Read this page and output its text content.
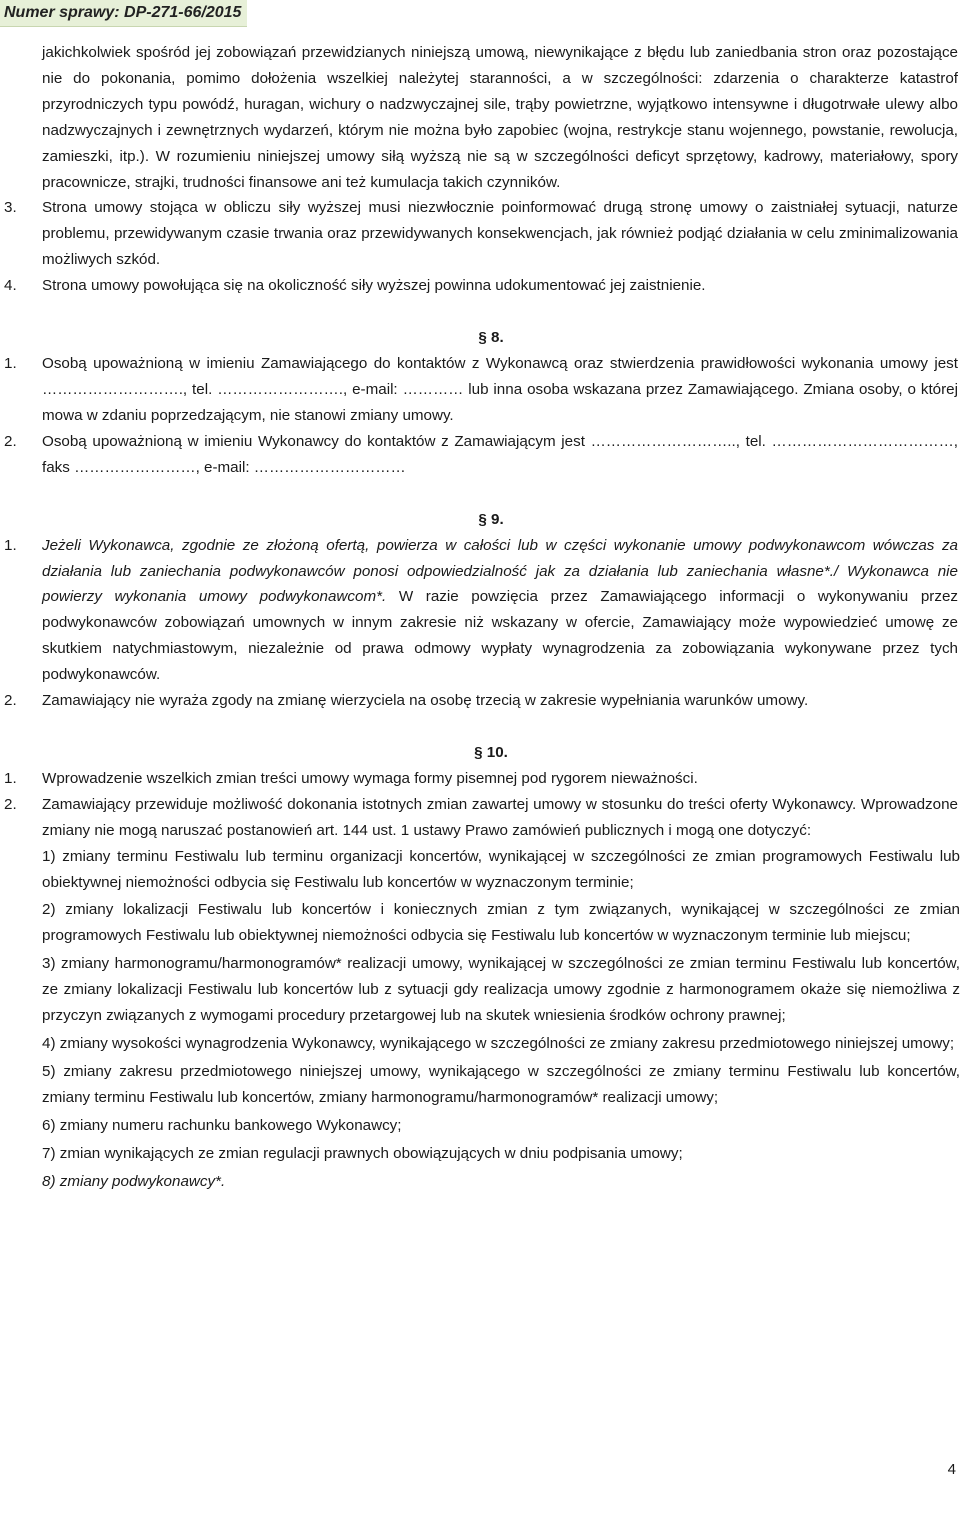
Numer sprawy: DP-271-66/2015

jakichkolwiek spośród jej zobowiązań przewidzianych niniejszą umową, niewynikające z błędu lub zaniedbania stron oraz pozostające nie do pokonania, pomimo dołożenia wszelkiej należytej staranności, a w szczególności: zdarzenia o charakterze katastrof przyrodniczych typu powódź, huragan, wichury o nadzwyczajnej sile, trąby powietrzne, wyjątkowo intensywne i długotrwałe ulewy albo nadzwyczajnych i zewnętrznych wydarzeń, którym nie można było zapobiec (wojna, restrykcje stanu wojennego, powstanie, rewolucja, zamieszki, itp.). W rozumieniu niniejszej umowy siłą wyższą nie są w szczególności deficyt sprzętowy, kadrowy, materiałowy, spory pracownicze, strajki, trudności finansowe ani też kumulacja takich czynników.

3. Strona umowy stojąca w obliczu siły wyższej musi niezwłocznie poinformować drugą stronę umowy o zaistniałej sytuacji, naturze problemu, przewidywanym czasie trwania oraz przewidywanych konsekwencjach, jak również podjąć działania w celu zminimalizowania możliwych szkód.
4. Strona umowy powołująca się na okoliczność siły wyższej powinna udokumentować jej zaistnienie.
§ 8.
1. Osobą upoważnioną w imieniu Zamawiającego do kontaktów z Wykonawcą oraz stwierdzenia prawidłowości wykonania umowy jest ………………………., tel. ……………………., e-mail: ………… lub inna osoba wskazana przez Zamawiającego. Zmiana osoby, o której mowa w zdaniu poprzedzającym, nie stanowi zmiany umowy.
2. Osobą upoważnioną w imieniu Wykonawcy do kontaktów z Zamawiającym jest ……………………….., tel. ………………………………, faks ……………………, e-mail: …………………………
§ 9.
1. Jeżeli Wykonawca, zgodnie ze złożoną ofertą, powierza w całości lub w części wykonanie umowy podwykonawcom wówczas za działania lub zaniechania podwykonawców ponosi odpowiedzialność jak za działania lub zaniechania własne*./ Wykonawca nie powierzy wykonania umowy podwykonawcom*. W razie powzięcia przez Zamawiającego informacji o wykonywaniu przez podwykonawców zobowiązań umownych w innym zakresie niż wskazany w ofercie, Zamawiający może wypowiedzieć umowę ze skutkiem natychmiastowym, niezależnie od prawa odmowy wypłaty wynagrodzenia za zobowiązania wykonywane przez tych podwykonawców.
2. Zamawiający nie wyraża zgody na zmianę wierzyciela na osobę trzecią w zakresie wypełniania warunków umowy.
§ 10.
1. Wprowadzenie wszelkich zmian treści umowy wymaga formy pisemnej pod rygorem nieważności.
2. Zamawiający przewiduje możliwość dokonania istotnych zmian zawartej umowy w stosunku do treści oferty Wykonawcy. Wprowadzone zmiany nie mogą naruszać postanowień art. 144 ust. 1 ustawy Prawo zamówień publicznych i mogą one dotyczyć:

1) zmiany terminu Festiwalu lub terminu organizacji koncertów, wynikającej w szczególności ze zmian programowych Festiwalu lub obiektywnej niemożności odbycia się Festiwalu lub koncertów w wyznaczonym terminie;

2) zmiany lokalizacji Festiwalu lub koncertów i koniecznych zmian z tym związanych, wynikającej w szczególności ze zmian programowych Festiwalu lub obiektywnej niemożności odbycia się Festiwalu lub koncertów w wyznaczonym terminie lub miejscu;

3) zmiany harmonogramu/harmonogramów* realizacji umowy, wynikającej w szczególności ze zmian terminu Festiwalu lub koncertów, ze zmiany lokalizacji Festiwalu lub koncertów lub z sytuacji gdy realizacja umowy zgodnie z harmonogramem okaże się niemożliwa z przyczyn związanych z wymogami procedury przetargowej lub na skutek wniesienia środków ochrony prawnej;

4) zmiany wysokości wynagrodzenia Wykonawcy, wynikającego w szczególności ze zmiany zakresu przedmiotowego niniejszej umowy;

5) zmiany zakresu przedmiotowego niniejszej umowy, wynikającego w szczególności ze zmiany terminu Festiwalu lub koncertów, zmiany terminu Festiwalu lub koncertów, zmiany harmonogramu/harmonogramów* realizacji umowy;

6) zmiany numeru rachunku bankowego Wykonawcy;

7) zmian wynikających ze zmian regulacji prawnych obowiązujących w dniu podpisania umowy;

8) zmiany podwykonawcy*.

4
